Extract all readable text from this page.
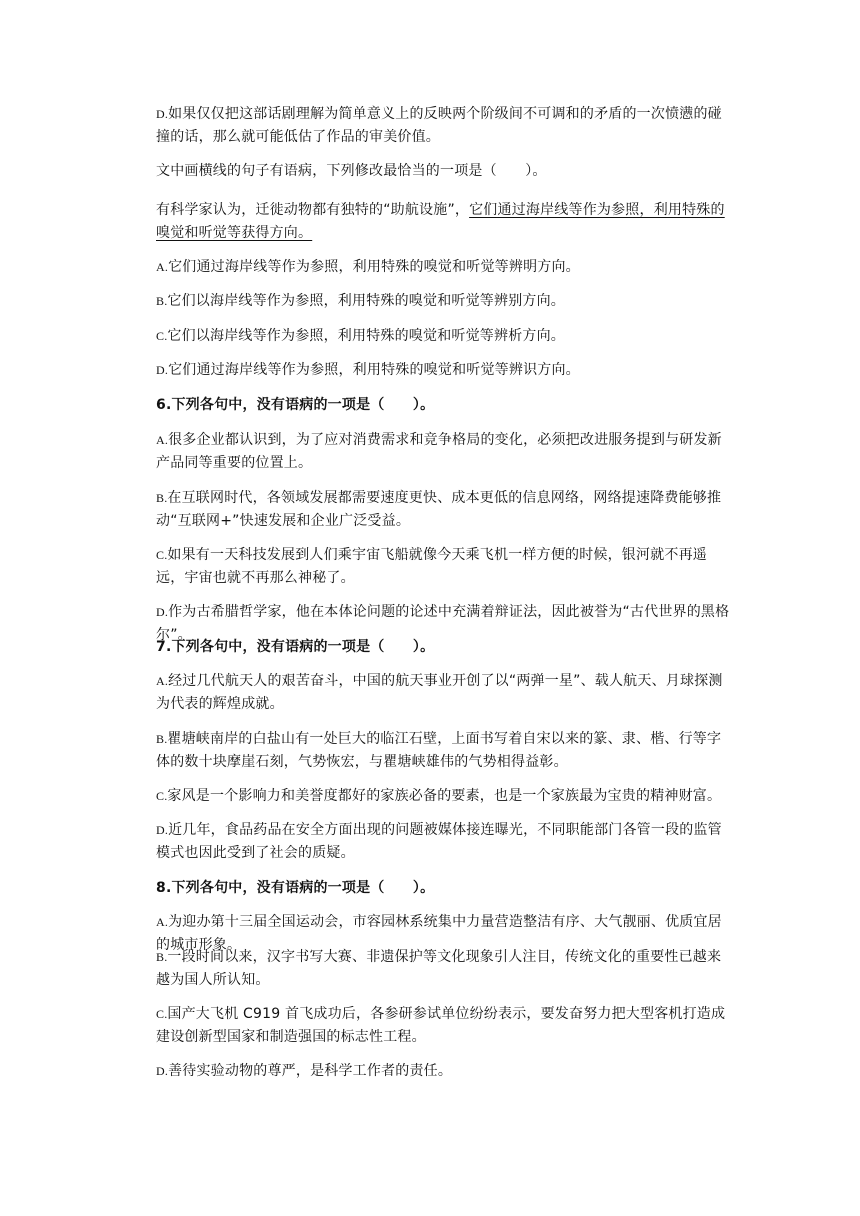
D.如果仅仅把这部话剧理解为简单意义上的反映两个阶级间不可调和的矛盾的一次愤懑的碰撞的话，那么就可能低估了作品的审美价值。

文中画横线的句子有语病，下列修改最恰当的一项是（　　）。

有科学家认为，迁徙动物都有独特的“助航设施”，它们通过海岸线等作为参照，利用特殊的嗅觉和听觉等获得方向。

A.它们通过海岸线等作为参照，利用特殊的嗅觉和听觉等辨明方向。

B.它们以海岸线等作为参照，利用特殊的嗅觉和听觉等辨别方向。

C.它们以海岸线等作为参照，利用特殊的嗅觉和听觉等辨析方向。

D.它们通过海岸线等作为参照，利用特殊的嗅觉和听觉等辨识方向。

6.下列各句中，没有语病的一项是（　　）。

A.很多企业都认识到，为了应对消费需求和竞争格局的变化，必须把改进服务提到与研发新产品同等重要的位置上。

B.在互联网时代，各领域发展都需要速度更快、成本更低的信息网络，网络提速降费能够推动“互联网+”快速发展和企业广泛受益。

C.如果有一天科技发展到人们乘宇宙飞船就像今天乘飞机一样方便的时候，银河就不再遥远，宇宙也就不再那么神秘了。

D.作为古希腊哲学家，他在本体论问题的论述中充满着辩证法，因此被誉为“古代世界的黑格尔”。

7.下列各句中，没有语病的一项是（　　）。

A.经过几代航天人的艰苦奋斗，中国的航天事业开创了以“两弹一星”、载人航天、月球探测为代表的辉煌成就。

B.瞿塘峡南岸的白盐山有一处巨大的临江石壁，上面书写着自宋以来的篆、隶、楷、行等字体的数十块摩崖石刻，气势恢宏，与瞿塘峡雄伟的气势相得益彰。

C.家风是一个影响力和美誉度都好的家族必备的要素，也是一个家族最为宝贵的精神财富。

D.近几年，食品药品在安全方面出现的问题被媒体接连曝光，不同职能部门各管一段的监管模式也因此受到了社会的质疑。

8.下列各句中，没有语病的一项是（　　）。

A.为迎办第十三届全国运动会，市容园林系统集中力量营造整洁有序、大气靓丽、优质宜居的城市形象。

B.一段时间以来，汉字书写大赛、非遗保护等文化现象引人注目，传统文化的重要性已越来越为国人所认知。

C.国产大飞机 C919 首飞成功后，各参研参试单位纷纷表示，要发奋努力把大型客机打造成建设创新型国家和制造强国的标志性工程。

D.善待实验动物的尊严，是科学工作者的责任。
